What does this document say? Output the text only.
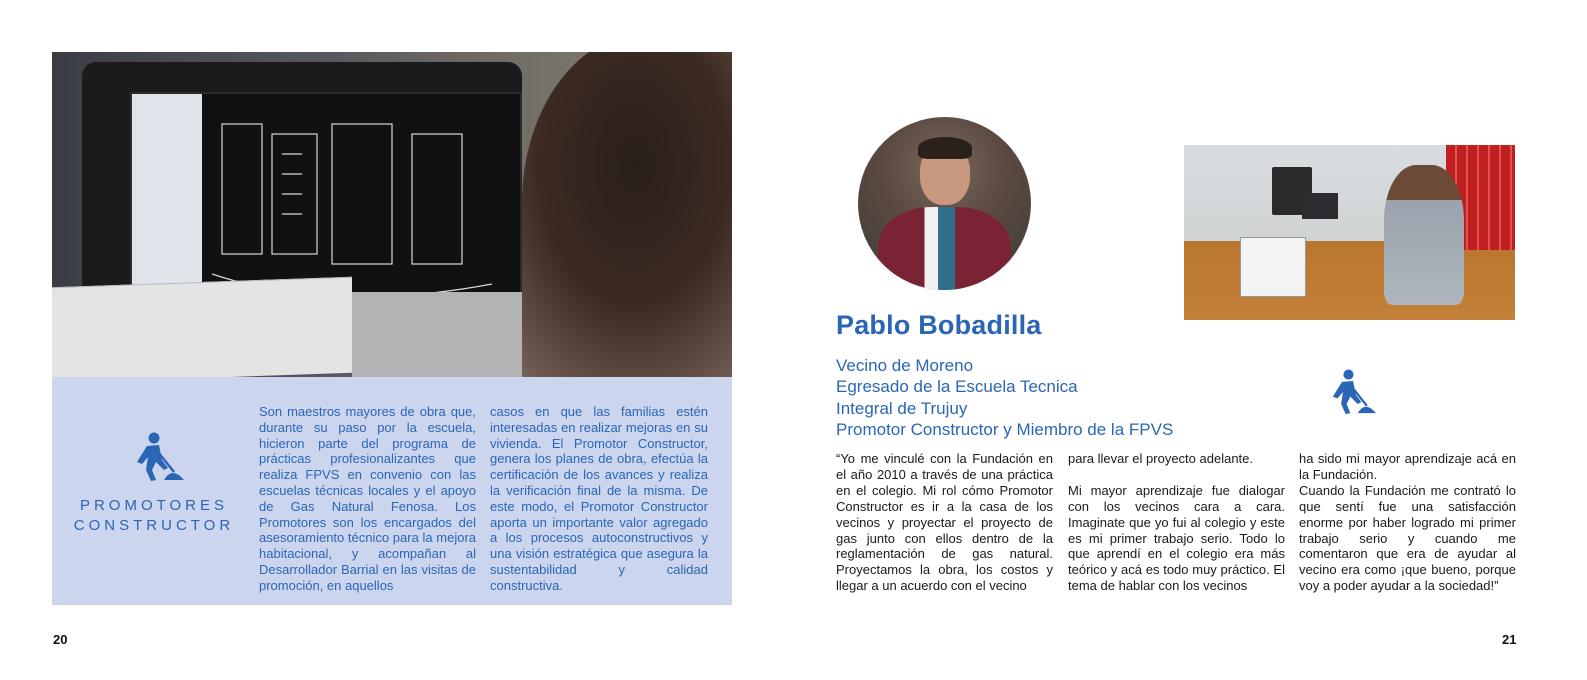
PROMOTORES
CONSTRUCTOR
Son maestros mayores de obra que, durante su paso por la escuela, hicieron parte del programa de prácticas profesionalizantes que realiza FPVS en convenio con las escuelas técnicas locales y el apoyo de Gas Natural Fenosa. Los Promotores son los encargados del asesoramiento técnico para la mejora habitacional, y acompañan al Desarrollador Barrial en las visitas de promoción, en aquellos
casos en que las familias estén interesadas en realizar mejoras en su vivienda. El Promotor Constructor, genera los planes de obra, efectúa la certificación de los avances y realiza la verificación final de la misma. De este modo, el Promotor Constructor aporta un importante valor agregado a los procesos autoconstructivos y una visión estratégica que asegura la sustentabilidad y calidad constructiva.
20
Pablo Bobadilla
Vecino de Moreno
Egresado de la Escuela Tecnica
Integral de Trujuy
Promotor Constructor y Miembro de la FPVS
“Yo me vinculé con la Fundación en el año 2010 a través de una práctica en el colegio. Mi rol cómo Promotor Constructor es ir a la casa de los vecinos y proyectar el proyecto de gas junto con ellos dentro de la reglamentación de gas natural. Proyectamos la obra, los costos y llegar a un acuerdo con el vecino
para llevar el proyecto adelante.
Mi mayor aprendizaje fue dialogar con los vecinos cara a cara. Imaginate que yo fui al colegio y este es mi primer trabajo serio. Todo lo que aprendí en el colegio era más teórico y acá es todo muy práctico. El tema de hablar con los vecinos
ha sido mi mayor aprendizaje acá en la Fundación.
Cuando la Fundación me contrató lo que sentí fue una satisfacción enorme por haber logrado mi primer trabajo serio y cuando me comentaron que era de ayudar al vecino era como ¡que bueno, porque voy a poder ayudar a la sociedad!”
21
